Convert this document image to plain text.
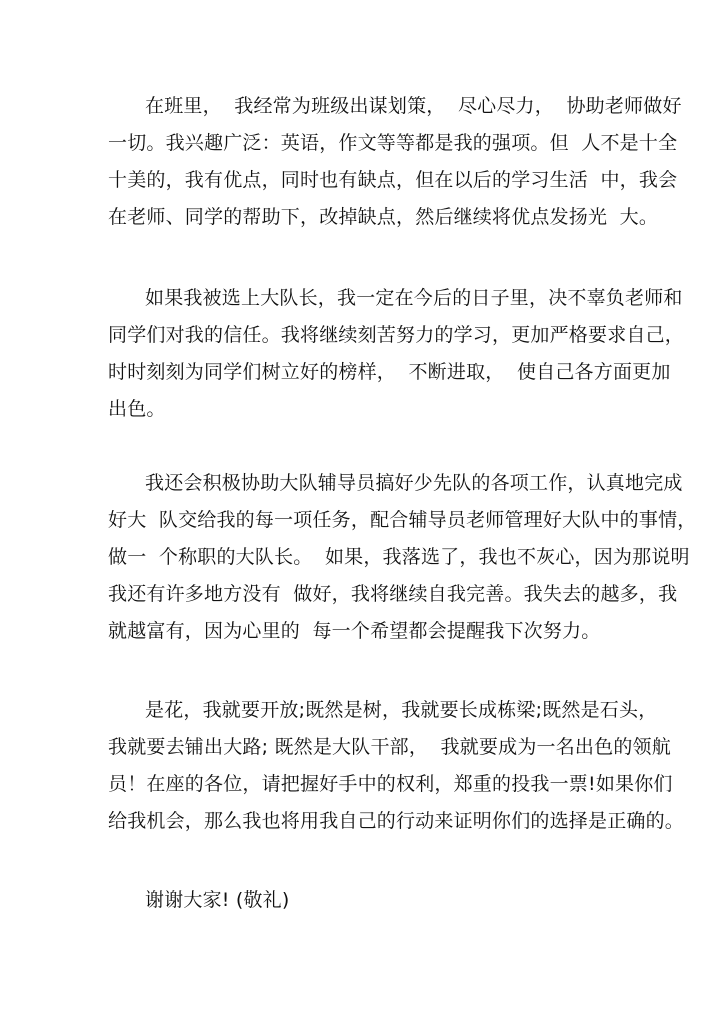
在班里，  我经常为班级出谋划策，  尽心尽力，  协助老师做好
一切。我兴趣广泛：英语，作文等等都是我的强项。但  人不是十全
十美的，我有优点，同时也有缺点，但在以后的学习生活  中，我会
在老师、同学的帮助下，改掉缺点，然后继续将优点发扬光  大。
如果我被选上大队长，我一定在今后的日子里，决不辜负老师和
同学们对我的信任。我将继续刻苦努力的学习，更加严格要求自己，
时时刻刻为同学们树立好的榜样，  不断进取，  使自己各方面更加
出色。
我还会积极协助大队辅导员搞好少先队的各项工作，认真地完成
好大  队交给我的每一项任务，配合辅导员老师管理好大队中的事情，
做一  个称职的大队长。  如果，我落选了，我也不灰心，因为那说明
我还有许多地方没有  做好，我将继续自我完善。我失去的越多，我
就越富有，因为心里的  每一个希望都会提醒我下次努力。
是花，我就要开放;既然是树，我就要长成栋梁;既然是石头，
我就要去铺出大路; 既然是大队干部，  我就要成为一名出色的领航
员！在座的各位，请把握好手中的权利，郑重的投我一票!如果你们
给我机会，那么我也将用我自己的行动来证明你们的选择是正确的。
谢谢大家! (敬礼)
